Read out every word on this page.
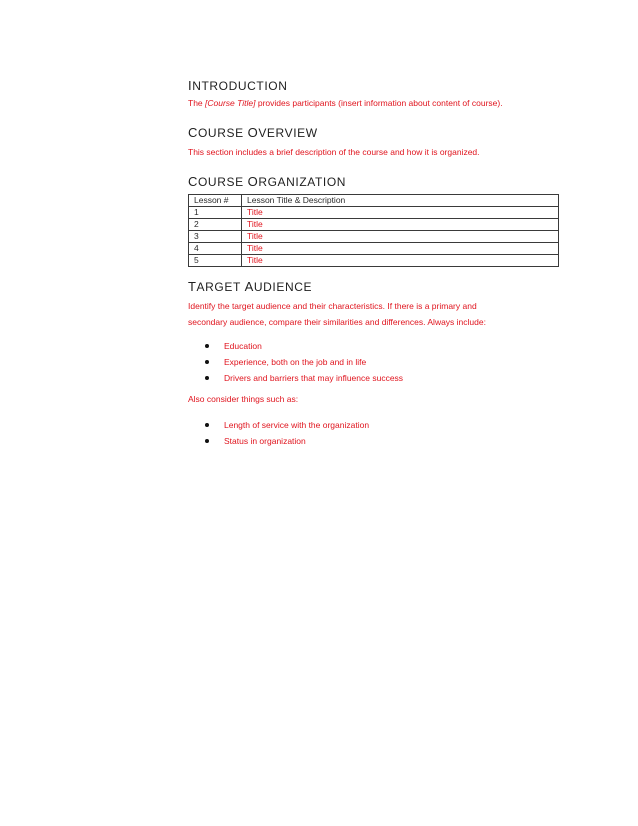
INTRODUCTION

The [Course Title] provides participants (insert information about content of course).

COURSE OVERVIEW

This section includes a brief description of the course and how it is organized.

COURSE ORGANIZATION
Lesson #	Lesson Title & Description
1	Title
2	Title
3	Title
4	Title
5	Title
TARGET AUDIENCE

Identify the target audience and their characteristics. If there is a primary and
secondary audience, compare their similarities and differences. Always include:

Education
Experience, both on the job and in life
Drivers and barriers that may influence success

Also consider things such as:

Length of service with the organization
Status in organization
